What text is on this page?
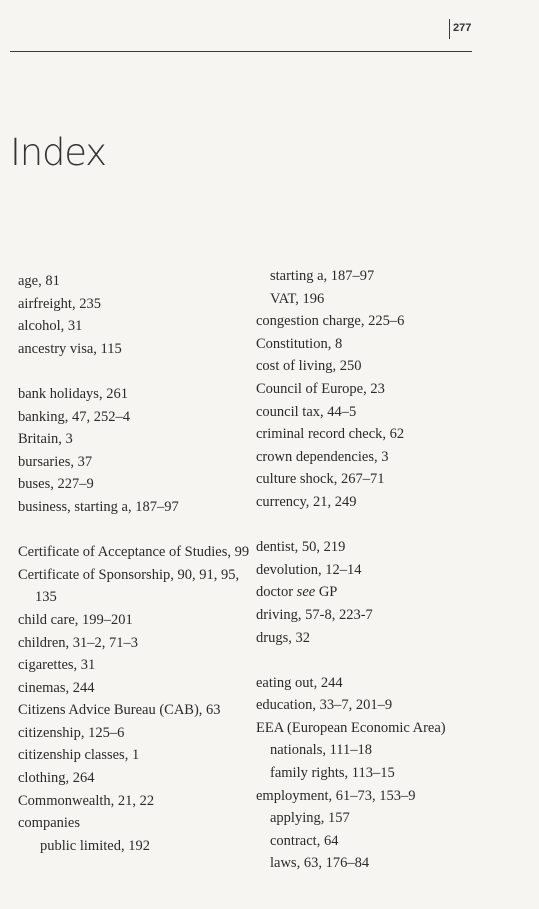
277
Index
age, 81
airfreight, 235
alcohol, 31
ancestry visa, 115
bank holidays, 261
banking, 47, 252–4
Britain, 3
bursaries, 37
buses, 227–9
business, starting a, 187–97
Certificate of Acceptance of Studies, 99
Certificate of Sponsorship, 90, 91, 95, 135
child care, 199–201
children, 31–2, 71–3
cigarettes, 31
cinemas, 244
Citizens Advice Bureau (CAB), 63
citizenship, 125–6
citizenship classes, 1
clothing, 264
Commonwealth, 21, 22
companies
public limited, 192
starting a, 187–97
VAT, 196
congestion charge, 225–6
Constitution, 8
cost of living, 250
Council of Europe, 23
council tax, 44–5
criminal record check, 62
crown dependencies, 3
culture shock, 267–71
currency, 21, 249
dentist, 50, 219
devolution, 12–14
doctor see GP
driving, 57-8, 223-7
drugs, 32
eating out, 244
education, 33–7, 201–9
EEA (European Economic Area)
nationals, 111–18
family rights, 113–15
employment, 61–73, 153–9
applying, 157
contract, 64
laws, 63, 176–84
